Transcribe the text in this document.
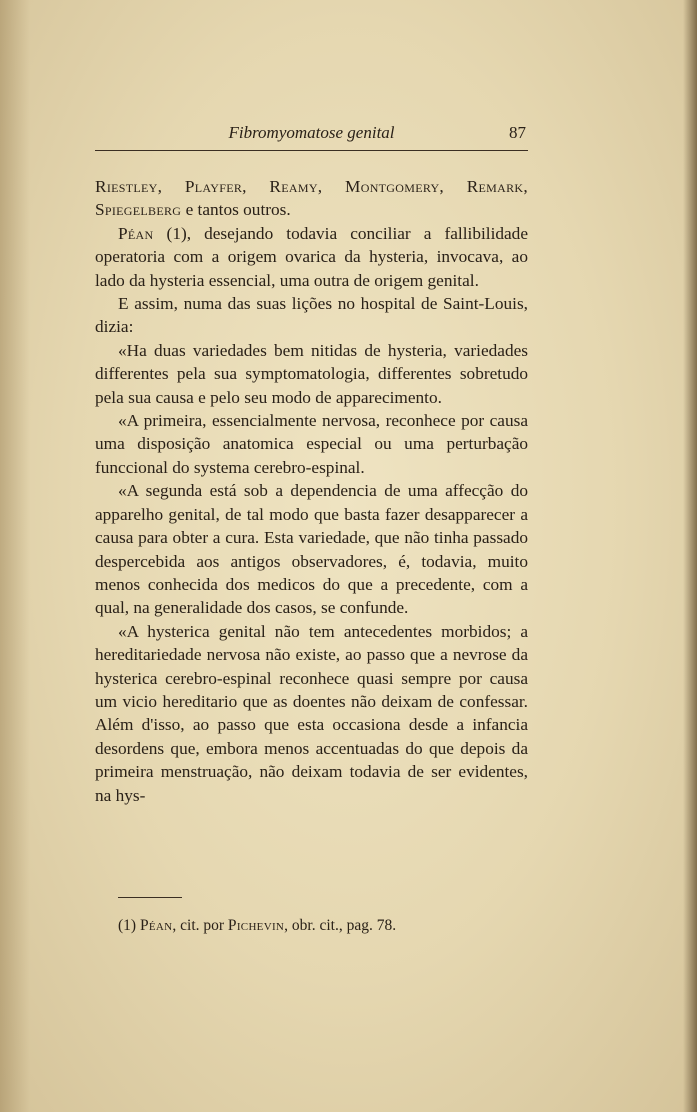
Fibromyomatose genital	87

Riestley, Playfer, Reamy, Montgomery, Remark, Spiegelberg e tantos outros.

Péan (1), desejando todavia conciliar a fallibilidade operatoria com a origem ovarica da hysteria, invocava, ao lado da hysteria essencial, uma outra de origem genital.

E assim, numa das suas lições no hospital de Saint-Louis, dizia:

«Ha duas variedades bem nitidas de hysteria, variedades differentes pela sua symptomatologia, differentes sobretudo pela sua causa e pelo seu modo de apparecimento.

«A primeira, essencialmente nervosa, reconhece por causa uma disposição anatomica especial ou uma perturbação funccional do systema cerebro-espinal.

«A segunda está sob a dependencia de uma affecção do apparelho genital, de tal modo que basta fazer desapparecer a causa para obter a cura. Esta variedade, que não tinha passado despercebida aos antigos observadores, é, todavia, muito menos conhecida dos medicos do que a precedente, com a qual, na generalidade dos casos, se confunde.

«A hysterica genital não tem antecedentes morbidos; a hereditariedade nervosa não existe, ao passo que a nevrose da hysterica cerebro-espinal reconhece quasi sempre por causa um vicio hereditario que as doentes não deixam de confessar. Além d'isso, ao passo que esta occasiona desde a infancia desordens que, embora menos accentuadas do que depois da primeira menstruação, não deixam todavia de ser evidentes, na hys-

(1) Péan, cit. por Pichevin, obr. cit., pag. 78.
